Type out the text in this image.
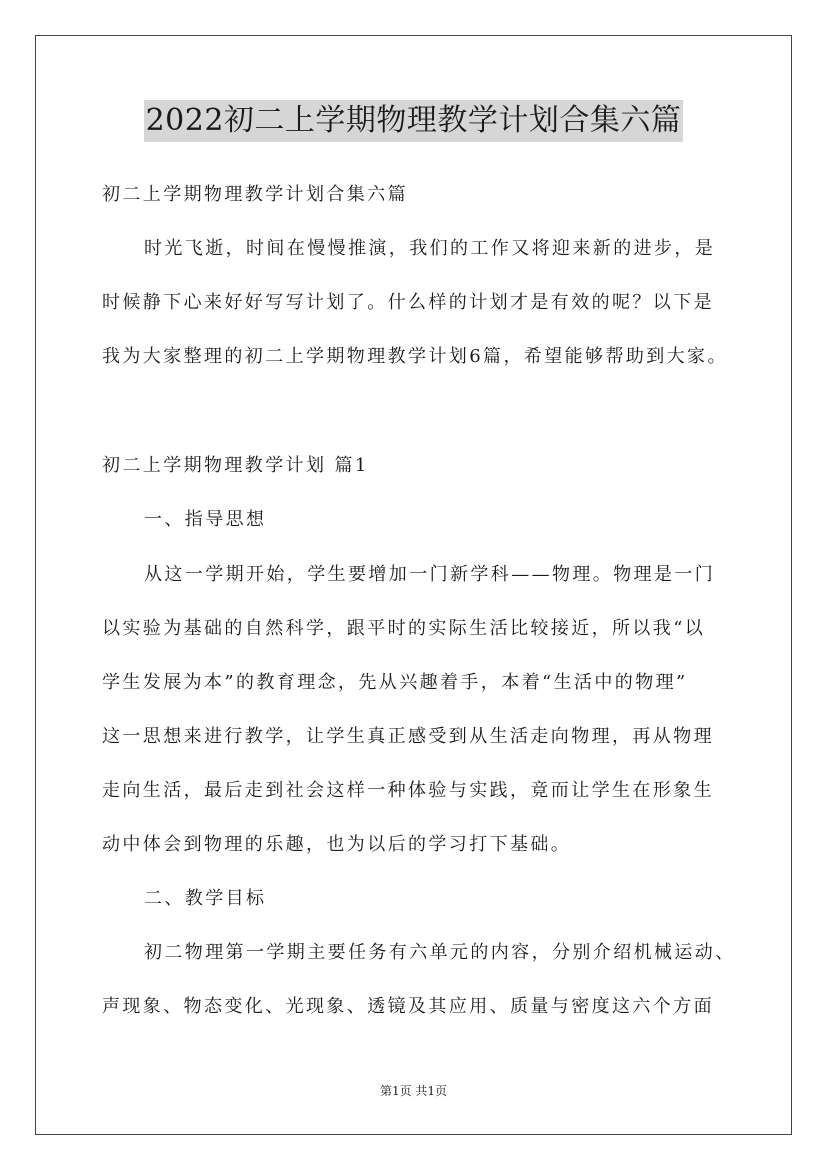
2022初二上学期物理教学计划合集六篇

初二上学期物理教学计划合集六篇

时光飞逝，时间在慢慢推演，我们的工作又将迎来新的进步，是

时候静下心来好好写写计划了。什么样的计划才是有效的呢？以下是

我为大家整理的初二上学期物理教学计划6篇，希望能够帮助到大家。

初二上学期物理教学计划 篇1

一、指导思想

从这一学期开始，学生要增加一门新学科——物理。物理是一门

以实验为基础的自然科学，跟平时的实际生活比较接近，所以我“以

学生发展为本”的教育理念，先从兴趣着手，本着“生活中的物理”

这一思想来进行教学，让学生真正感受到从生活走向物理，再从物理

走向生活，最后走到社会这样一种体验与实践，竟而让学生在形象生

动中体会到物理的乐趣，也为以后的学习打下基础。

二、教学目标

初二物理第一学期主要任务有六单元的内容，分别介绍机械运动、

声现象、物态变化、光现象、透镜及其应用、质量与密度这六个方面

第1页 共1页
